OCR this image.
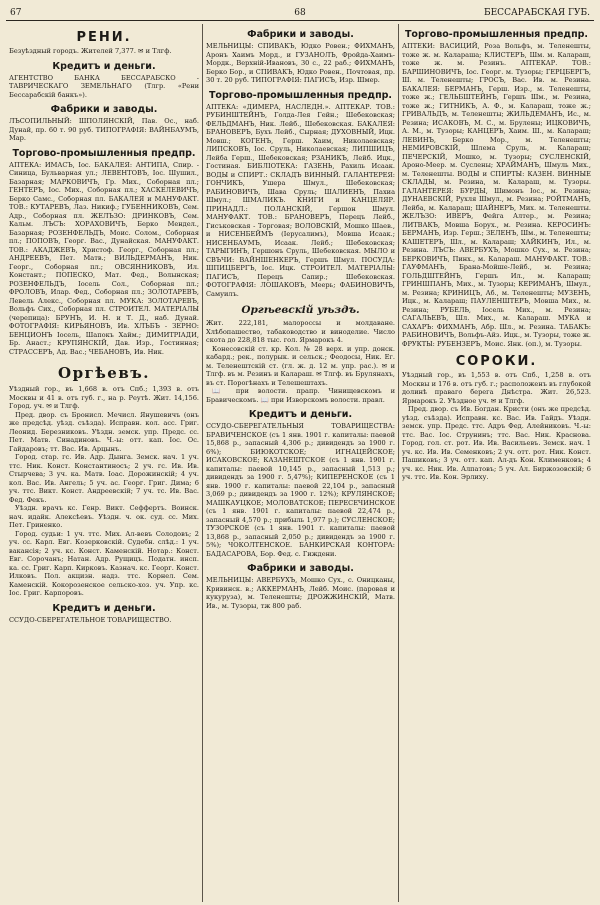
67	68	БЕССАРАБСКАЯ ГУБ.
РЕНИ.

Безуѣздный городъ. Жителей 7,377. ✉ и Тлгф.

Кредитъ и деньги.

АГЕНТСТВО БАНКА БЕССАРАБСКО - ТАВРИЧЕСКАГО ЗЕМЕЛЬНАГО (Тлгр. «Рени Бессарабскій банкъ»).

Фабрики и заводы.

ЛЪСОПИЛЬНЫЙ: ШПОЛЯНСКІЙ, Пав. Ос., наб. Дунай, пр. 60 т. 90 руб. ТИПОГРАФІЯ: ВАЙНБАУМЪ, Мар.

Торгово-промышленныя предпр.

АПТЕКА: ИМАСЪ, Іос. БАКАЛЕЯ: АНТИПА, Спир. - Синица, Бульварная ул.; ЛЕВЕНТОВЪ, Іос. Шушил., Базарная; МАРКОВИЧЪ, Гр. Мих., Соборная пл.; ГЕНТЕРЪ, Іос. Мих., Соборная пл.; ХАСКЕЛЕВИЧЪ, Берко Самс., Соборная пл. БАКАЛЕЯ и МАНУФАКТ. ТОВ.: КУТАРЕВЪ, Лаз. Никиф.; ГУБЕННИКОВЪ, Сем. Адр., Соборная пл. ЖЕЛЪЗО: ДРИНКОВЪ, Сем. Кальм. ЛЪСЪ: ХОРАХОВИЧЪ, Берко Мендел., Базарная; РОЗЕНФЕЛЬДЪ, Моис. Солом., Соборная пл.; ПОПОВЪ, Георг. Вас., Дунайская. МАНУФАКТ. ТОВ.: АКАДЖЕВЪ, Христоф. Георг., Соборная пл.; АНДРЕЕВЪ, Пет. Матв.; ВИЛЬДЕРМАНЪ, Ник. Георг., Соборная пл.; ОВСЯННИКОВЪ, Ил. Констант.; ПОПЕСКО, Мат. Фед., Волынская; РОЗЕНФЕЛЬДЪ, Іосель Сол., Соборная пл.; ФРОЛОВЪ, Илар. Фед., Соборная пл.; ЗОЛОТАРЕВЪ, Левель Алекс., Соборная пл. МУКА: ЗОЛОТАРЕВЪ, Вольфъ Сих., Соборная пл. СТРОИТЕЛ. МАТЕРІАЛЫ (черепица): БРУНЪ, И. Н. и Т. Д., наб. Дунай. ФОТОГРАФІЯ: КИРЬЯНОВЪ, Ив. ХЛЪБЪ - ЗЕРНО: БЕНЦИОНЪ Іосель, Шапокъ Хайм.; ДИМИТРІАДИ, Бр. Анаст.; КРУПЯНСКІЙ, Дав. Изр., Гостинная; СТРАССЕРЪ, Ад. Вас.; ЧЕБАНОВЪ, Ив. Ник.

Оргѣевъ.

Уѣздный гор., въ 1,668 в. отъ Спб.; 1,393 в. отъ Москвы и 41 в. отъ губ. г., на р. Реутѣ. Жит. 14,156. Город. уч. ✉ и Тлгф.

Пред. двор. съ Бронисл. Мечисл. Янушевичъ (онъ же предсѣд. уѣзд. съѣзда). Исправн. кол. асс. Григ. Леонид. Березниковъ. Уѣздн. земск. упр. Предс. сс. Пет. Матв. Синадиновъ. Ч.-ы: отт. кап. Іос. Ос. Гайдаровъ; тт. Вас. Ив. Арцынъ.

Город. стар. гс. Ив. Адр. Дынга. Земск. нач. 1 уч. ттс. Ник. Конст. Константиносъ; 2 уч. гс. Ив. Ив. Стырчева; 3 уч. ка. Матв. Іоас. Дорожинскій; 4 уч. кол. Вас. Ив. Ангель; 5 уч. ас. Георг. Григ. Дима; 6 уч. ттс. Викт. Конст. Андреевскій; 7 уч. тс. Ив. Вас. Фед. Фекъ.

Уѣздн. врачъ кс. Генр. Викт. Сеффертъ. Воинск. нач. идайк. Алексѣевъ. Уѣздн. ч. ок. суд. сс. Мих. Пет. Гриненко.

Город. судьи: 1 уч. ттс. Мих. Ал-вевъ Солодовъ; 2 уч. сс. Карл. Евг. Козерковскій. Судебн. слѣд.: 1 уч. вакансія; 2 уч. кс. Конст. Каменскій. Нотар.: Конст. Евг. Сорочанъ; Натан. Адр. Рущицъ. Податн. инсп. ка. сс. Григ. Карп. Кирковъ. Казнач. кс. Георг. Конст. Илковъ. Пол. акцизн. надз. ттс. Корнел. Сем. Каменскій. Кокорозенское сельско-хоз. уч. Упр. кс. Іос. Григ. Карпоровъ.

Кредитъ и деньги.

ССУДО-СБЕРЕГАТЕЛЬНОЕ ТОВАРИЩЕСТВО.

Фабрики и заводы.

МЕЛЬНИЦЫ: СПИВАКЪ, Юдко Ровен.; ФИХМАНЪ, Аронъ Хаимъ Морд., и ГУЗАНОЛЪ, Фройда-Хаимъ-Мордк., Верхній-Ивановъ, 30 с., 22 раб.; ФИХМАНЪ, Берко Бор., и СПИВАКЪ, Юдко Ровен., Почтовая, пр. 30 т. 20 руб. ТИПОГРАФІЯ: ПАГИСЪ, Изр. Шмер.

Торгово-промышленныя предпр.

АПТЕКА: «ДИМЕРА, НАСЛЕДН.». АПТЕКАР. ТОВ.: РУБИНШТЕЙНЪ, Голда-Лея Гейн.; Шебековская; ФЕЛЬДМАНЪ, Ник. Лейб., Шебековская. БАКАЛЕЯ: БРАНОВЕРЪ, Бухъ Лейб., Сырная; ДУХОВНЫЙ, Ицк. Мовш.; КОГЕНЪ, Герш. Хаим, Николаевская; ЛИПСКОВЪ, Іос. Сруль, Николаевская; ЛИПШИЦЪ, Лейба Герш., Шебековская; РЗАНИКЪ, Лейб. Ицк., Гостиная. БИБЛІОТЕКА: ГАЗЕНЬ, Рахиль Исаак. ВОДЫ и СПИРТ.: СКЛАДЪ ВИННЫЙ. ГАЛАНТЕРЕЯ: ГОНЧИКЪ, Ушера Шмул., Шебековская; РАБИНОВИЧЪ, Шава Сруль; ШАЛИЕНЪ, Пахиа Шмул.; ШМАЛИКЪ. КНИГИ и КАНЦЕЛЯР. ПРИНАДЛ.: ПОЛАНСКІЙ, Гершон Шмул. МАНУФАКТ. ТОВ.: БРАНОВЕРЪ, Перецъ Лейб., Гисъковская - Торговая; ВОЛОВСКІЙ, Мошко Шаев., и НИСЕНБЕЙМЪ (Іерусалимъ), Мовша Исаак.; НИСЕНБАУМЪ, Исаак. Лейб.; Шебековская; ТАРЫГИНЪ, Гершонъ Сруль, Шебековская. МЫЛО и СВЪЧИ: ВАЙНШЕНКЕРЪ, Гершъ Шмул. ПОСУДА: ШПИЦБЕРГЪ, Іос. Ицк. СТРОИТЕЛ. МАТЕРІАЛЫ: ПАГИСЪ, Перецъ Сапир.; Шебековская. ФОТОГРАФІЯ: ЛОШАКОВЪ, Меерь; ФАБИНОВИЧЪ, Самуилъ.

Оргѣевскій уѣздъ.

Жит. 222,181, малороссы и молдаване. Хлѣбопашество, табаководство и виноделие. Число скота до 228,818 тыс. гол. Ярмарокъ 4.

Конесовскій ст. кр. Кол. № 28 верх. и упр. донск. кабард.; рек., полурык. и сельск.; Феодосы, Ник. Ег. м. Теленештскій ст. (гл. ж. д. 12 м. упр. рас.). ✉ и Тлгф. въ м. Резинъ и Калараш. ✉ Тлгф. въ Брулянахъ, въ ст. Порогѣнахъ и Телешештахъ.

📖 при волости. прапр. Чинищевскомъ и Бравическомъ. 📖 при Изворскомъ волости. правл.

Кредитъ и деньги.

ССУДО-СБЕРЕГАТЕЛЬНЫЯ ТОВАРИЩЕСТВА: БРАВИЧЕНСКОЕ (съ 1 янв. 1901 г. капиталы: паевой 15,868 р., запасный 4,306 р.; дивидендъ за 1900 г. 6%); БИЮКОТСКОЕ; ИГНАЦЕЙСКОЕ; ИСАКОВСКОЕ; КАЗАНЕШТСКОЕ (съ 1 янв. 1901 г. капиталы: паевой 10,145 р., запасный 1,513 р.; дивидендъ за 1900 г. 5,47%); КИПЕРЕНСКОЕ (съ 1 янв. 1900 г. капиталы: паевой 22,104 р., запасный 3,069 р.; дивидендъ за 1900 г. 12%); КРУЛЯНСКОЕ; МАШКАУЦКОЕ; МОЛОВАТСКОЕ; ПЕРЕСЕЧИНСКОЕ (съ 1 янв. 1901 г. капиталы: паевой 22,474 р., запасный 4,570 р.; прибыль 1,977 р.); СУСЛЕНСКОЕ; ТУЗОРСКОЕ (съ 1 янв. 1901 г. капиталы: паевой 13,868 р., запасный 2,050 р.; дивидендъ за 1900 г. 5%); ЧОКОЛТЕНСКОЕ. БАНКИРСКАЯ КОНТОРА: БАДАСАРОВА, Бор. Фед. с. Гиждени.

Фабрики и заводы.

МЕЛЬНИЦЫ: АВЕРБУХЪ, Мошко Сух., с. Оницканы, Кривинск. в.; АККЕРМАНЪ, Лейб. Моис. (паровая и кукуруза), м. Теленешты; ДРОЖЖИНСКІЙ, Матв. Ив., м. Тузоры, тж 800 раб.

Торгово-промышленныя предпр.

АПТЕКИ: ВАСИЦИЙ, Роза Вольфъ, м. Теленешты, тоже ж. м. Калараша; КЛИСТЕРЪ, Шм. м. Калараш, тоже ж. м. Резинъ. АПТЕКАР. ТОВ.: БАРШИНОВИЧЪ, Іос. Георг. м. Тузоры; ГЕРЦБЕРГЪ, Ш. м. Теленешты; ГРОСЪ, Вас. Ив. м. Резина. БАКАЛЕЯ: БЕРМАНЪ, Герш. Изр., м. Теленешты, тоже ж.; ГЕЛЬБШТЕЙНЪ, Гершъ Шм., м. Резина, тоже ж.; ГИТНИКЪ, А. Ф., м. Калараш, тоже ж.; ГРИВАЛЬДЪ, м. Теленешты; ЖИЛЬДЕМАНЪ, Ис., м. Резина; ИСАКОВЪ, М. С., м. Брулены; ИЦКОВИЧЪ, А. М., м. Тузоры; КАНЦЕРЪ, Хаим. Ш., м. Калараш; ЛЕВИНЪ, Берко Мор., м. Теленешты; НЕМИРОВСКІЙ, Шлема Сруль, м. Калараш; ПЕЧЕРСКІЙ, Мошко, м. Тузоры; СУСЛЕНСКІЙ, Ароно-Меер. м. Суслены; ХРАЙМАНЪ, Шмуль Мих., м. Теленешты. ВОДЫ и СПИРТЫ: КАЗЕН. ВИННЫЕ СКЛАДЫ, м. Резина, м. Калараш, м. Тузоры. ГАЛАНТЕРЕЯ: БУРДЫ, Шимонъ Іос., м. Резина; ДУНАЕВСКІЙ, Рухля Шмул., м. Резина; РОЙТМАНЪ, Лейба, м. Калараш; ШАЙНЕРЪ, Мих. м. Теленешты. ЖЕЛЪЗО: ИВЕРЪ, Фейга Алтер., м. Резина; ЛИТВАКЪ, Мовша Борух., м. Резина. КЕРОСИНЪ: БЕРМАНЪ, Изр. Герш.; ЗЕЛЕНЪ, Шм., м. Теленешты; КАШЕТЕРЪ, Шл., м. Калараш; ХАЙКИНЪ, Ил., м. Резина. ЛЪСЪ: АВЕРБУХЪ, Мошко Сух., м. Резина; БЕРКОВИЧЪ, Пинх., м. Калараш. МАНУФАКТ. ТОВ.: ГАУФМАНЪ, Брана-Мойше-Лейб., м. Резина; ГОЛЬДШТЕЙНЪ, Гершъ Ил., м. Калараш; ГРИНШПАНЪ, Мих., м. Тузоры; КЕРИМАНЪ, Шмул., м. Резина; КРИНИЦЪ, Аб., м. Теленешты; МУЗЕНЪ, Ицк., м. Калараш; ПАУЛЕНШТЕРЪ, Мовша Мих., м. Резина; РУБЕЛЬ, Іосель Мих., м. Резина; САГАЛЬЕВЪ, Шл. Мих., м. Калараш. МУКА и САХАРЪ: ФИХМАНЪ, Абр. Шл., м. Резина. ТАБАКЪ: РАБИНОВИЧЪ, Вольфъ-Айз. Ицк., м. Тузоры, тоже ж. ФРУКТЫ: РУБЕНЗЕРЪ, Моис. Янк. (оп.), м. Тузоры.

СОРОКИ.

Уѣздный гор., въ 1,553 в. отъ Спб., 1,258 в. отъ Москвы и 176 в. отъ губ. г.; расположенъ въ глубокой долинѣ праваго берега Днѣстра. Жит. 26,523. Ярмарокъ 2. Уѣздное уч. ✉ и Тлгф.

Пред. двор. съ Ив. Богдан. Кристи (онъ же предсѣд. уѣзд. съѣзда). Исправн. кс. Вас. Ив. Гайдъ. Уѣздн. земск. упр. Предс. ттс. Адръ Фед. Алейниковъ. Ч.-ы: ттс. Вас. Іос. Струнинъ; ттс. Вас. Ник. Краснова. Город. гол. ст. рот. Ив. Ив. Васильевъ. Земск. нач. 1 уч. кс. Ив. Ив. Семенковъ; 2 уч. отт. рот. Ник. Конст. Пашиковъ; 3 уч. отт. кап. Ал-дъ Кон. Клименковъ; 4 уч. кс. Ник. Ив. Алпатовъ; 5 уч. Ал. Биржозовскій; 6 уч. ттс. Ив. Кон. Эрлиху.
